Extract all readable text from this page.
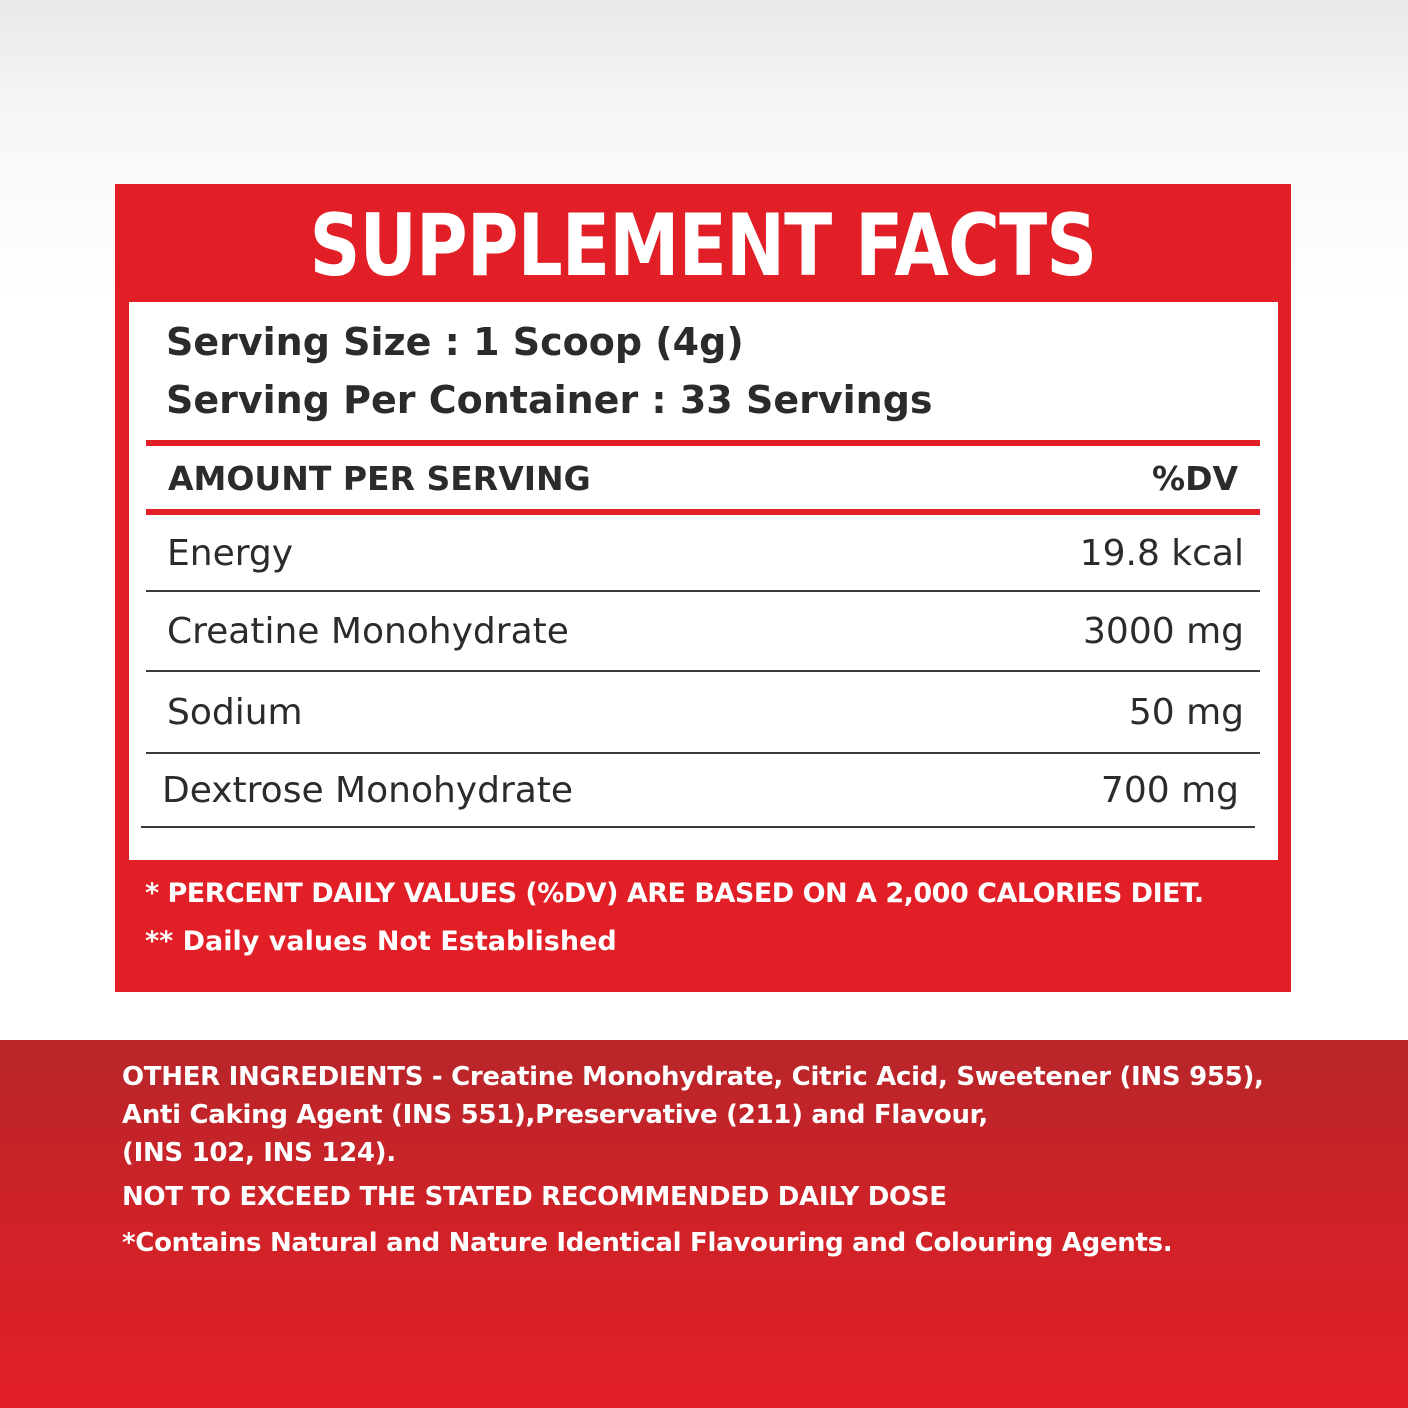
SUPPLEMENT FACTS
Serving Size : 1 Scoop (4g)
Serving Per Container : 33 Servings
AMOUNT PER SERVING	%DV
Energy	19.8 kcal
Creatine Monohydrate	3000 mg
Sodium	50 mg
Dextrose Monohydrate	700 mg
* PERCENT DAILY VALUES (%DV) ARE BASED ON A 2,000 CALORIES DIET.
** Daily values Not Established
OTHER INGREDIENTS - Creatine Monohydrate, Citric Acid, Sweetener (INS 955),
Anti Caking Agent (INS 551),Preservative (211) and Flavour,
(INS 102, INS 124).
NOT TO EXCEED THE STATED RECOMMENDED DAILY DOSE
*Contains Natural and Nature Identical Flavouring and Colouring Agents.
